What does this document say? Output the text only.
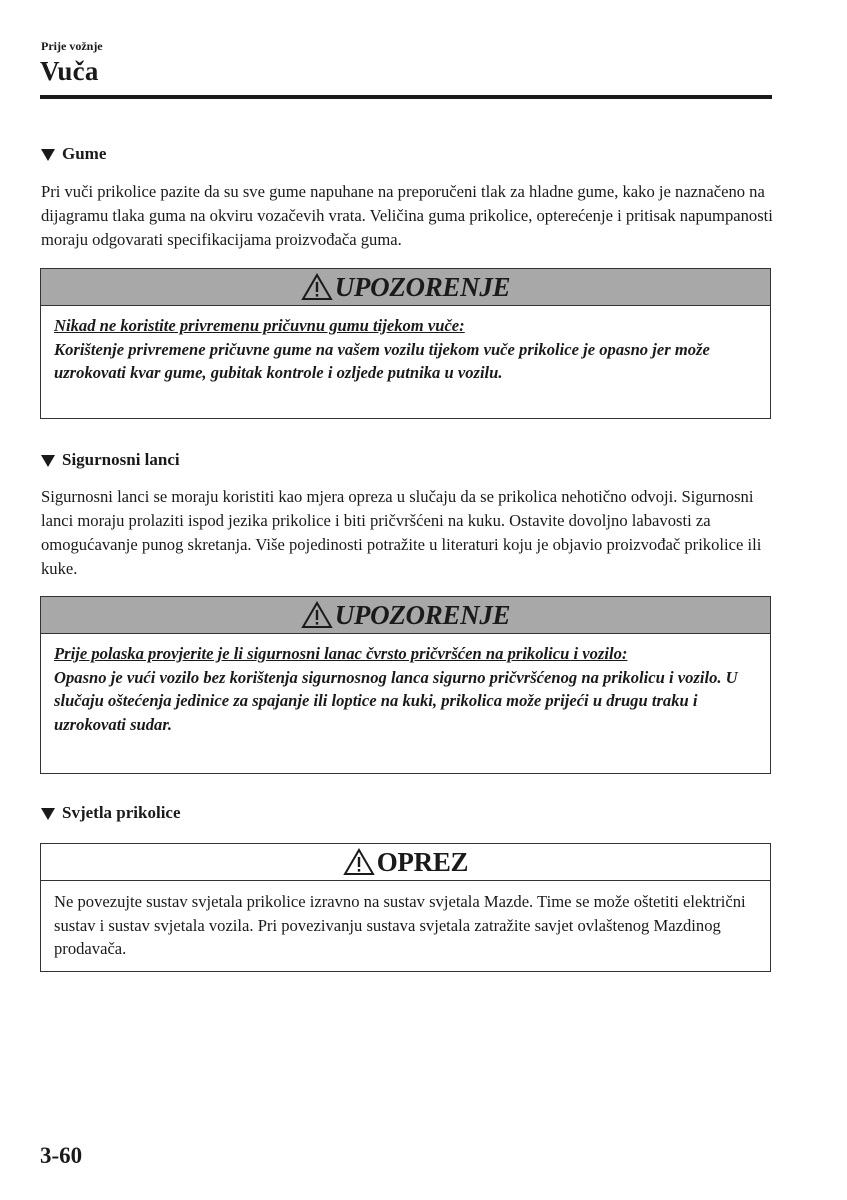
Prije vožnje
Vuča
Gume
Pri vuči prikolice pazite da su sve gume napuhane na preporučeni tlak za hladne gume, kako je naznačeno na dijagramu tlaka guma na okviru vozačevih vrata. Veličina guma prikolice, opterećenje i pritisak napumpanosti moraju odgovarati specifikacijama proizvođača guma.
UPOZORENJE
Nikad ne koristite privremenu pričuvnu gumu tijekom vuče:
Korištenje privremene pričuvne gume na vašem vozilu tijekom vuče prikolice je opasno jer može uzrokovati kvar gume, gubitak kontrole i ozljede putnika u vozilu.
Sigurnosni lanci
Sigurnosni lanci se moraju koristiti kao mjera opreza u slučaju da se prikolica nehotično odvoji. Sigurnosni lanci moraju prolaziti ispod jezika prikolice i biti pričvršćeni na kuku. Ostavite dovoljno labavosti za omogućavanje punog skretanja. Više pojedinosti potražite u literaturi koju je objavio proizvođač prikolice ili kuke.
UPOZORENJE
Prije polaska provjerite je li sigurnosni lanac čvrsto pričvršćen na prikolicu i vozilo:
Opasno je vući vozilo bez korištenja sigurnosnog lanca sigurno pričvršćenog na prikolicu i vozilo. U slučaju oštećenja jedinice za spajanje ili loptice na kuki, prikolica može prijeći u drugu traku i uzrokovati sudar.
Svjetla prikolice
OPREZ
Ne povezujte sustav svjetala prikolice izravno na sustav svjetala Mazde. Time se može oštetiti električni sustav i sustav svjetala vozila. Pri povezivanju sustava svjetala zatražite savjet ovlaštenog Mazdinog prodavača.
3-60
